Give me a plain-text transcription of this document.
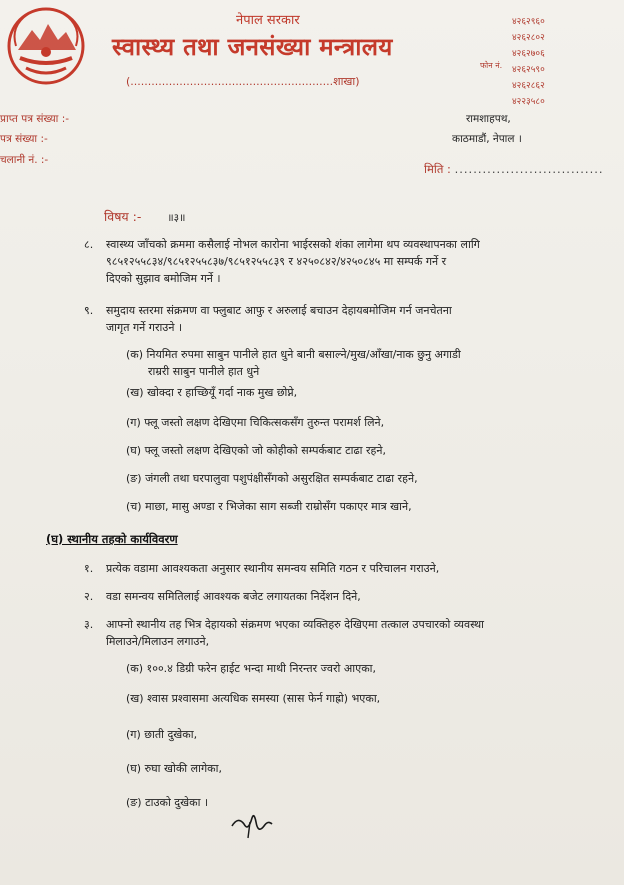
नेपाल सरकार
स्वास्थ्य तथा जनसंख्या मन्त्रालय
(..........................................................शाखा)
फोन नं.
४२६२९६०
४२६२८०२
४२६२७०६
४२६२५९०
४२६२८६२
४२२३५८०
प्राप्त पत्र संख्या :-
पत्र संख्या :-
चलानी नं. :-
रामशाहपथ,
काठमाडौं, नेपाल ।
मिति : ................................
विषय :- ॥३॥
८. स्वास्थ्य जाँचको क्रममा कसैलाई नोभल कारोना भाईरसको शंका लागेमा थप व्यवस्थापनका लागि
९८५१२५५८३४/९८५१२५५८३७/९८५१२५५८३९ र ४२५०८४२/४२५०८४५ मा सम्पर्क गर्ने र
दिएको सुझाव बमोजिम गर्ने ।
९. समुदाय स्तरमा संक्रमण वा फ्लुबाट आफु र अरुलाई बचाउन देहायबमोजिम गर्न जनचेतना
जागृत गर्ने गराउने ।
(क) नियमित रुपमा साबुन पानीले हात धुने बानी बसाल्ने/मुख/आँखा/नाक छुनु अगाडी
राम्ररी साबुन पानीले हात धुने
(ख) खोक्दा र हाच्छियूँ गर्दा नाक मुख छोप्ने,
(ग) फ्लू जस्तो लक्षण देखिएमा चिकित्सकसँग तुरुन्त परामर्श लिने,
(घ) फ्लू जस्तो लक्षण देखिएको जो कोहीको सम्पर्कबाट टाढा रहने,
(ङ) जंगली तथा घरपालुवा पशुपंक्षीसँगको असुरक्षित सम्पर्कबाट टाढा रहने,
(च) माछा, मासु अण्डा र भिजेका साग सब्जी राम्रोसँग पकाएर मात्र खाने,
(घ) स्थानीय तहको कार्यविवरण
१. प्रत्येक वडामा आवश्यकता अनुसार स्थानीय समन्वय समिति गठन र परिचालन गराउने,
२. वडा समन्वय समितिलाई आवश्यक बजेट लगायतका निर्देशन दिने,
३. आफ्नो स्थानीय तह भित्र देहायको संक्रमण भएका व्यक्तिहरु देखिएमा तत्काल उपचारको व्यवस्था
मिलाउने/मिलाउन लगाउने,
(क) १००.४ डिग्री फरेन हाईट भन्दा माथी निरन्तर ज्वरो आएका,
(ख) श्वास प्रश्वासमा अत्यधिक समस्या (सास फेर्न गाह्रो) भएका,
(ग) छाती दुखेका,
(घ) रुघा खोकी लागेका,
(ङ) टाउको दुखेका ।
